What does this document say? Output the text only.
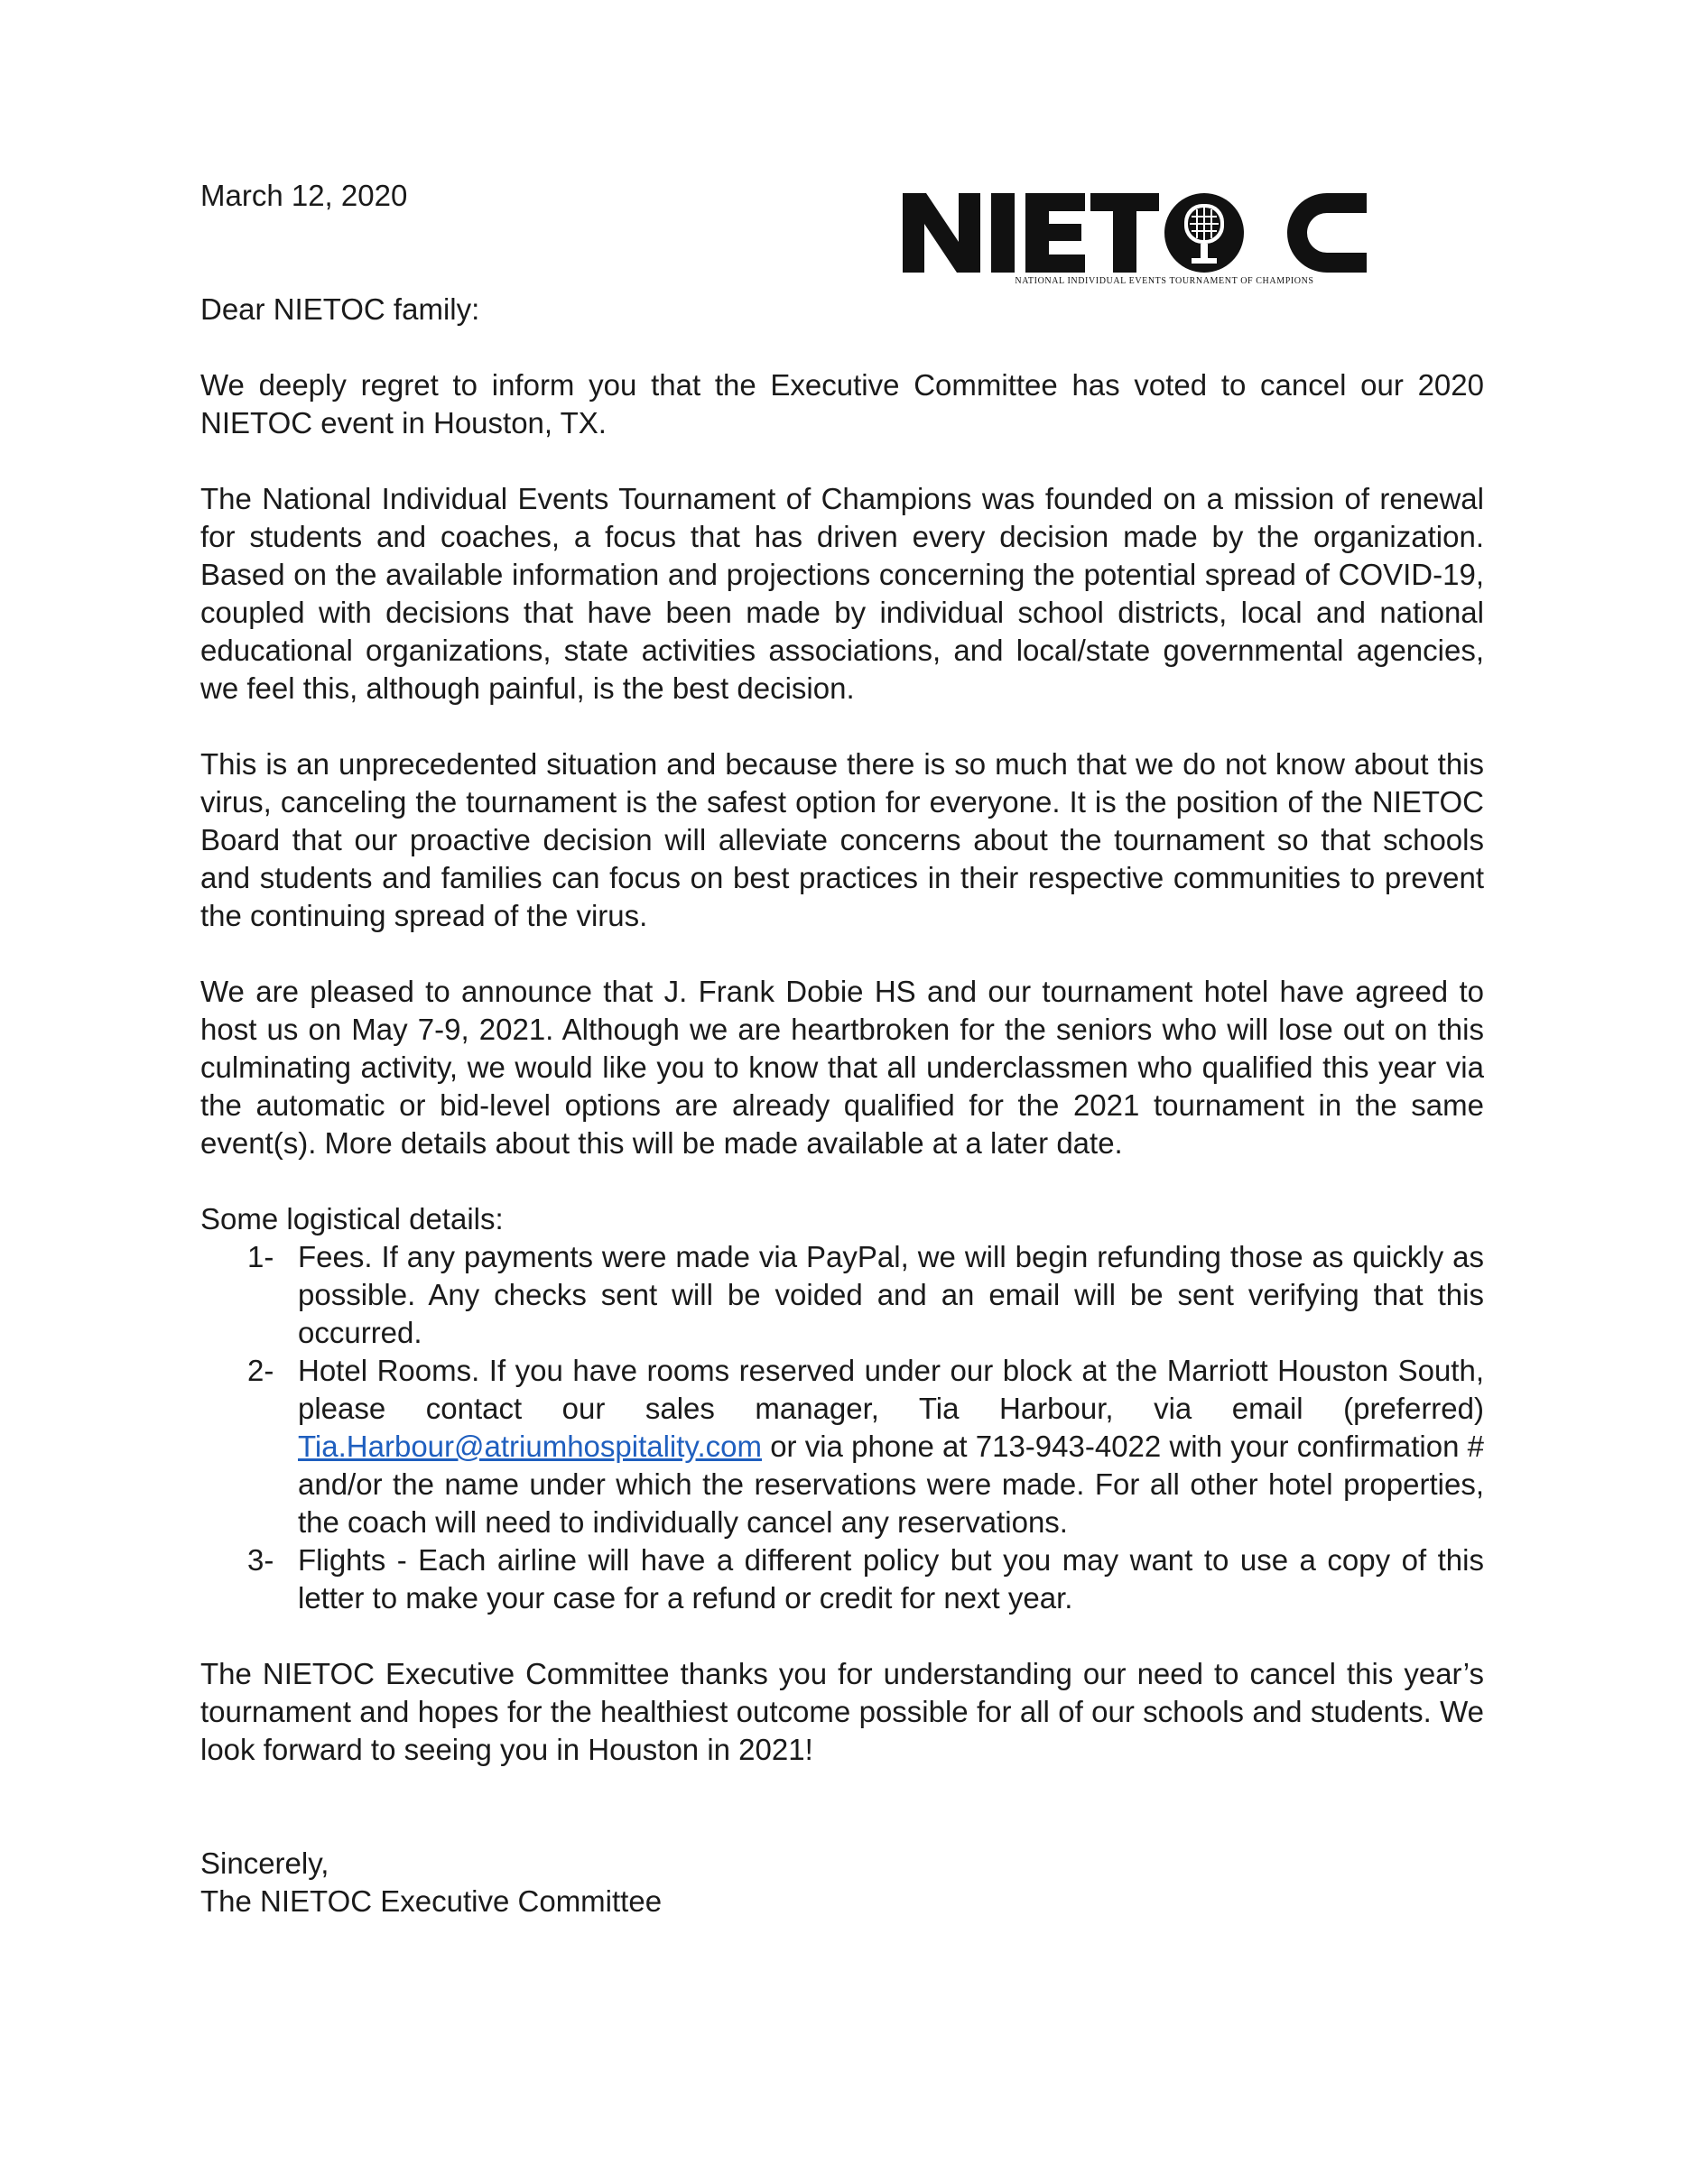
March 12, 2020
NATIONAL INDIVIDUAL EVENTS TOURNAMENT OF CHAMPIONS
Dear NIETOC family:

We deeply regret to inform you that the Executive Committee has voted to cancel our 2020 NIETOC event in Houston, TX.

The National Individual Events Tournament of Champions was founded on a mission of renewal for students and coaches, a focus that has driven every decision made by the organization. Based on the available information and projections concerning the potential spread of COVID-19, coupled with decisions that have been made by individual school districts, local and national educational organizations, state activities associations, and local/state governmental agencies, we feel this, although painful, is the best decision.

This is an unprecedented situation and because there is so much that we do not know about this virus, canceling the tournament is the safest option for everyone. It is the position of the NIETOC Board that our proactive decision will alleviate concerns about the tournament so that schools and students and families can focus on best practices in their respective communities to prevent the continuing spread of the virus.

We are pleased to announce that J. Frank Dobie HS and our tournament hotel have agreed to host us on May 7-9, 2021. Although we are heartbroken for the seniors who will lose out on this culminating activity, we would like you to know that all underclassmen who qualified this year via the automatic or bid-level options are already qualified for the 2021 tournament in the same event(s). More details about this will be made available at a later date.

Some logistical details:
1- Fees. If any payments were made via PayPal, we will begin refunding those as quickly as possible. Any checks sent will be voided and an email will be sent verifying that this occurred.
2- Hotel Rooms. If you have rooms reserved under our block at the Marriott Houston South, please contact our sales manager, Tia Harbour, via email (preferred) Tia.Harbour@atriumhospitality.com or via phone at 713-943-4022 with your confirmation # and/or the name under which the reservations were made. For all other hotel properties, the coach will need to individually cancel any reservations.
3- Flights - Each airline will have a different policy but you may want to use a copy of this letter to make your case for a refund or credit for next year.

The NIETOC Executive Committee thanks you for understanding our need to cancel this year’s tournament and hopes for the healthiest outcome possible for all of our schools and students. We look forward to seeing you in Houston in 2021!

Sincerely,
The NIETOC Executive Committee
